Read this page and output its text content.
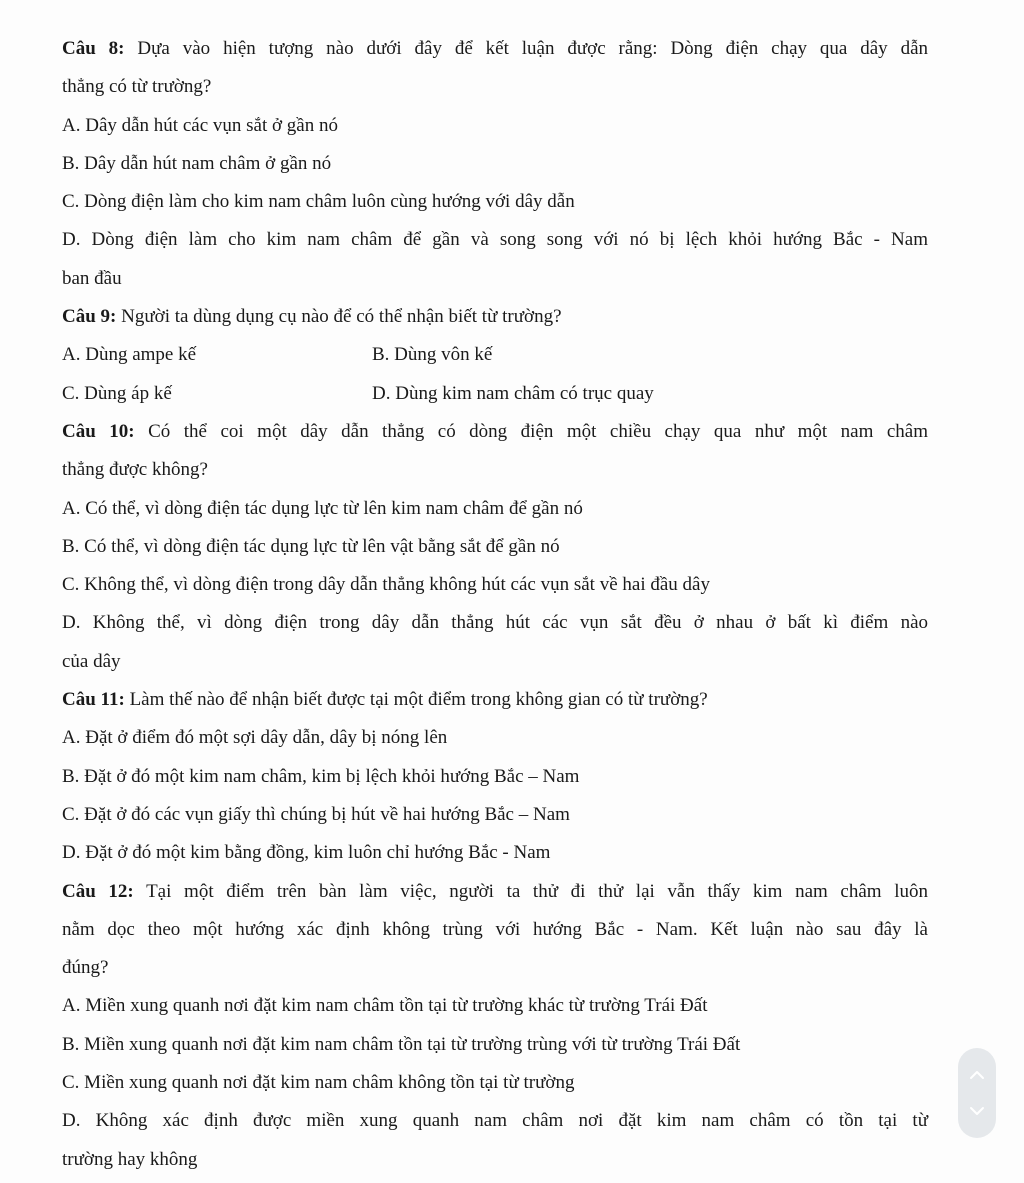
Câu 8: Dựa vào hiện tượng nào dưới đây để kết luận được rằng: Dòng điện chạy qua dây dẫn
thẳng có từ trường?
A. Dây dẫn hút các vụn sắt ở gần nó
B. Dây dẫn hút nam châm ở gần nó
C. Dòng điện làm cho kim nam châm luôn cùng hướng với dây dẫn
D. Dòng điện làm cho kim nam châm để gần và song song với nó bị lệch khỏi hướng Bắc - Nam
ban đầu
Câu 9: Người ta dùng dụng cụ nào để có thể nhận biết từ trường?
A. Dùng ampe kế	B. Dùng vôn kế
C. Dùng áp kế	D. Dùng kim nam châm có trục quay
Câu 10: Có thể coi một dây dẫn thẳng có dòng điện một chiều chạy qua như một nam châm
thẳng được không?
A. Có thể, vì dòng điện tác dụng lực từ lên kim nam châm để gần nó
B. Có thể, vì dòng điện tác dụng lực từ lên vật bằng sắt để gần nó
C. Không thể, vì dòng điện trong dây dẫn thẳng không hút các vụn sắt về hai đầu dây
D. Không thể, vì dòng điện trong dây dẫn thẳng hút các vụn sắt đều ở nhau ở bất kì điểm nào
của dây
Câu 11: Làm thế nào để nhận biết được tại một điểm trong không gian có từ trường?
A. Đặt ở điểm đó một sợi dây dẫn, dây bị nóng lên
B. Đặt ở đó một kim nam châm, kim bị lệch khỏi hướng Bắc – Nam
C. Đặt ở đó các vụn giấy thì chúng bị hút về hai hướng Bắc – Nam
D. Đặt ở đó một kim bằng đồng, kim luôn chỉ hướng Bắc - Nam
Câu 12: Tại một điểm trên bàn làm việc, người ta thử đi thử lại vẫn thấy kim nam châm luôn
nằm dọc theo một hướng xác định không trùng với hướng Bắc - Nam. Kết luận nào sau đây là
đúng?
A. Miền xung quanh nơi đặt kim nam châm tồn tại từ trường khác từ trường Trái Đất
B. Miền xung quanh nơi đặt kim nam châm tồn tại từ trường trùng với từ trường Trái Đất
C. Miền xung quanh nơi đặt kim nam châm không tồn tại từ trường
D. Không xác định được miền xung quanh nam châm nơi đặt kim nam châm có tồn tại từ
trường hay không
